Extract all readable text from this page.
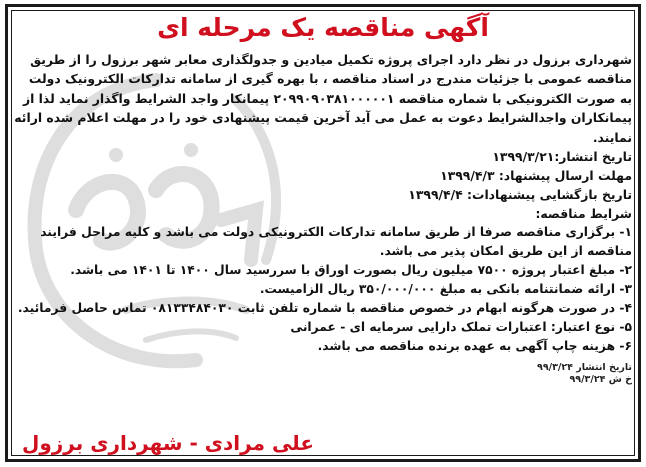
آگهی مناقصه یک مرحله ای
شهرداری برزول در نظر دارد اجرای پروژه تکمیل میادین و جدولگذاری معابر شهر برزول را از طریق مناقصه عمومی با جزئیات مندرج در اسناد مناقصه ، با بهره گیری از سامانه تدارکات الکترونیک دولت به صورت الکترونیکی با شماره مناقصه ۲۰۹۹۰۹۰۳۸۱۰۰۰۰۰۱ پیمانکار واجد الشرایط واگذار نماید لذا از پیمانکاران واجدالشرایط دعوت به عمل می آید آخرین قیمت پیشنهادی خود را در مهلت اعلام شده ارائه نمایند.
تاریخ انتشار:۱۳۹۹/۳/۲۱
مهلت ارسال پیشنهاد: ۱۳۹۹/۴/۳
تاریخ بازگشایی پیشنهادات: ۱۳۹۹/۴/۴
شرایط مناقصه:
۱- برگزاری مناقصه صرفا از طریق سامانه تدارکات الکترونیکی دولت می باشد و کلیه مراحل فرایند مناقصه از این طریق امکان پذیر می باشد.
۲- مبلغ اعتبار پروژه ۷۵۰۰ میلیون ریال بصورت اوراق با سررسید سال ۱۴۰۰ تا ۱۴۰۱ می باشد.
۳- ارائه ضمانتنامه بانکی به مبلغ ۳۵۰/۰۰۰/۰۰۰ ریال الزامیست.
۴- در صورت هرگونه ابهام در خصوص مناقصه با شماره تلفن ثابت ۰۸۱۳۳۴۸۴۰۳۰ تماس حاصل فرمائید.
۵- نوع اعتبار: اعتبارات تملک دارایی سرمایه ای - عمرانی
۶- هزینه چاپ آگهی به عهده برنده مناقصه می باشد.
تاریخ انتشار ۹۹/۳/۲۴
خ ش ۹۹/۳/۲۴
علی مرادی - شهرداری برزول
